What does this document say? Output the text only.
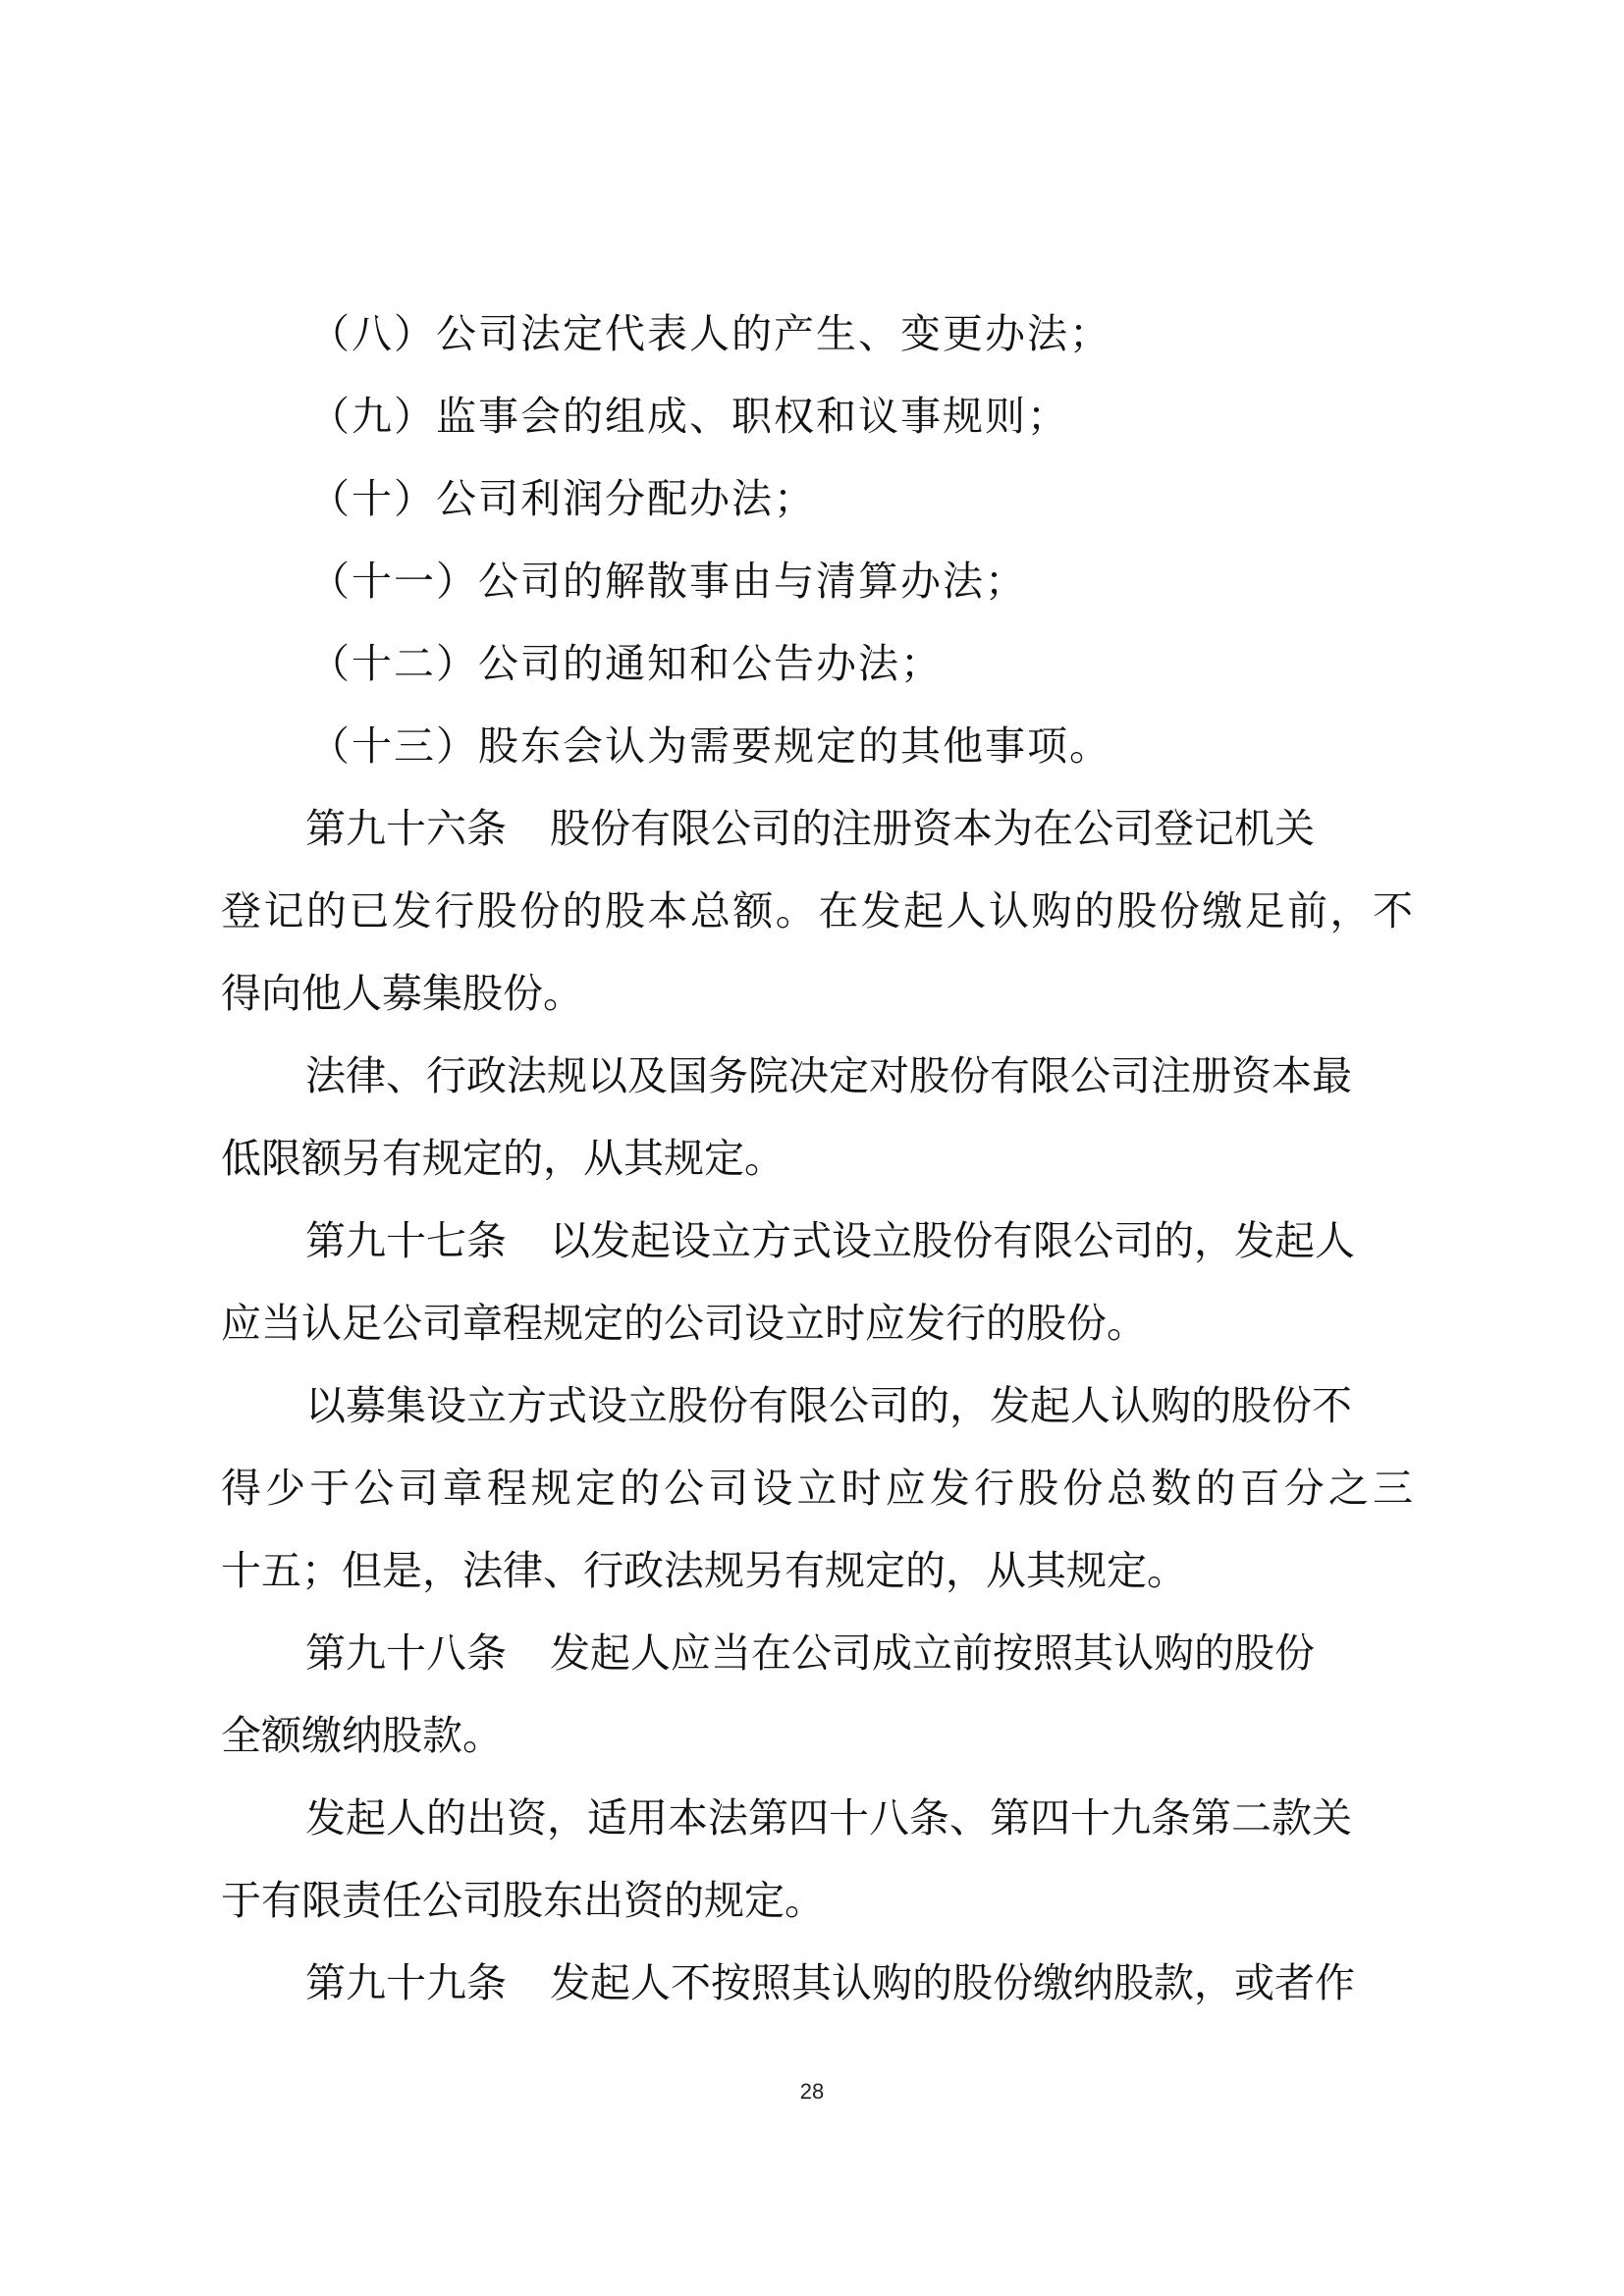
（八）公司法定代表人的产生、变更办法；
（九）监事会的组成、职权和议事规则；
（十）公司利润分配办法；
（十一）公司的解散事由与清算办法；
（十二）公司的通知和公告办法；
（十三）股东会认为需要规定的其他事项。
第九十六条 股份有限公司的注册资本为在公司登记机关
登记的已发行股份的股本总额。在发起人认购的股份缴足前，不
得向他人募集股份。
法律、行政法规以及国务院决定对股份有限公司注册资本最
低限额另有规定的，从其规定。
第九十七条 以发起设立方式设立股份有限公司的，发起人
应当认足公司章程规定的公司设立时应发行的股份。
以募集设立方式设立股份有限公司的，发起人认购的股份不
得少于公司章程规定的公司设立时应发行股份总数的百分之三
十五；但是，法律、行政法规另有规定的，从其规定。
第九十八条 发起人应当在公司成立前按照其认购的股份
全额缴纳股款。
发起人的出资，适用本法第四十八条、第四十九条第二款关
于有限责任公司股东出资的规定。
第九十九条 发起人不按照其认购的股份缴纳股款，或者作
28
